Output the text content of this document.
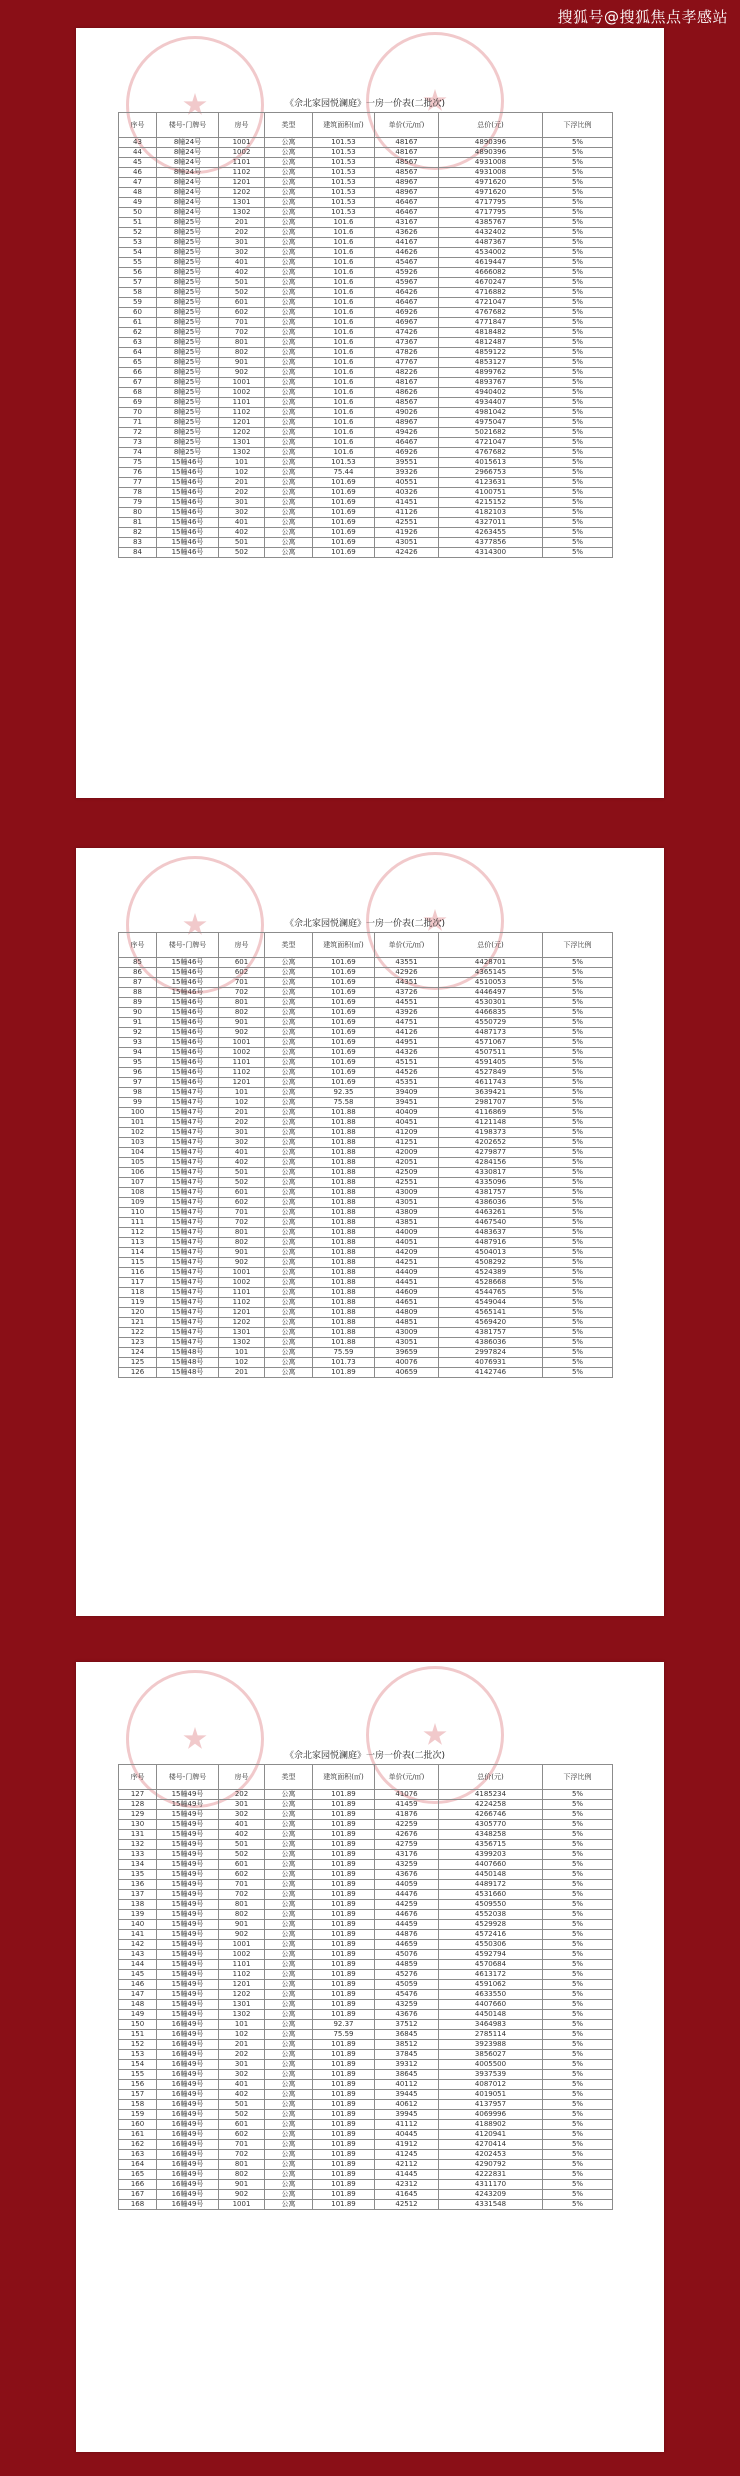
搜狐号@搜狐焦点孝感站
《佘北家园悦澜庭》一房一价表(二批次)
序号	楼号-门牌号	房号	类型	建筑面积(㎡)	单价(元/㎡)	总价(元)	下浮比例
43	8幢24号	1001	公寓	101.53	48167	4890396	5%
44	8幢24号	1002	公寓	101.53	48167	4890396	5%
45	8幢24号	1101	公寓	101.53	48567	4931008	5%
46	8幢24号	1102	公寓	101.53	48567	4931008	5%
47	8幢24号	1201	公寓	101.53	48967	4971620	5%
48	8幢24号	1202	公寓	101.53	48967	4971620	5%
49	8幢24号	1301	公寓	101.53	46467	4717795	5%
50	8幢24号	1302	公寓	101.53	46467	4717795	5%
51	8幢25号	201	公寓	101.6	43167	4385767	5%
52	8幢25号	202	公寓	101.6	43626	4432402	5%
53	8幢25号	301	公寓	101.6	44167	4487367	5%
54	8幢25号	302	公寓	101.6	44626	4534002	5%
55	8幢25号	401	公寓	101.6	45467	4619447	5%
56	8幢25号	402	公寓	101.6	45926	4666082	5%
57	8幢25号	501	公寓	101.6	45967	4670247	5%
58	8幢25号	502	公寓	101.6	46426	4716882	5%
59	8幢25号	601	公寓	101.6	46467	4721047	5%
60	8幢25号	602	公寓	101.6	46926	4767682	5%
61	8幢25号	701	公寓	101.6	46967	4771847	5%
62	8幢25号	702	公寓	101.6	47426	4818482	5%
63	8幢25号	801	公寓	101.6	47367	4812487	5%
64	8幢25号	802	公寓	101.6	47826	4859122	5%
65	8幢25号	901	公寓	101.6	47767	4853127	5%
66	8幢25号	902	公寓	101.6	48226	4899762	5%
67	8幢25号	1001	公寓	101.6	48167	4893767	5%
68	8幢25号	1002	公寓	101.6	48626	4940402	5%
69	8幢25号	1101	公寓	101.6	48567	4934407	5%
70	8幢25号	1102	公寓	101.6	49026	4981042	5%
71	8幢25号	1201	公寓	101.6	48967	4975047	5%
72	8幢25号	1202	公寓	101.6	49426	5021682	5%
73	8幢25号	1301	公寓	101.6	46467	4721047	5%
74	8幢25号	1302	公寓	101.6	46926	4767682	5%
75	15幢46号	101	公寓	101.53	39551	4015613	5%
76	15幢46号	102	公寓	75.44	39326	2966753	5%
77	15幢46号	201	公寓	101.69	40551	4123631	5%
78	15幢46号	202	公寓	101.69	40326	4100751	5%
79	15幢46号	301	公寓	101.69	41451	4215152	5%
80	15幢46号	302	公寓	101.69	41126	4182103	5%
81	15幢46号	401	公寓	101.69	42551	4327011	5%
82	15幢46号	402	公寓	101.69	41926	4263455	5%
83	15幢46号	501	公寓	101.69	43051	4377856	5%
84	15幢46号	502	公寓	101.69	42426	4314300	5%
《佘北家园悦澜庭》一房一价表(二批次)
序号	楼号-门牌号	房号	类型	建筑面积(㎡)	单价(元/㎡)	总价(元)	下浮比例
85	15幢46号	601	公寓	101.69	43551	4428701	5%
86	15幢46号	602	公寓	101.69	42926	4365145	5%
87	15幢46号	701	公寓	101.69	44351	4510053	5%
88	15幢46号	702	公寓	101.69	43726	4446497	5%
89	15幢46号	801	公寓	101.69	44551	4530301	5%
90	15幢46号	802	公寓	101.69	43926	4466835	5%
91	15幢46号	901	公寓	101.69	44751	4550729	5%
92	15幢46号	902	公寓	101.69	44126	4487173	5%
93	15幢46号	1001	公寓	101.69	44951	4571067	5%
94	15幢46号	1002	公寓	101.69	44326	4507511	5%
95	15幢46号	1101	公寓	101.69	45151	4591405	5%
96	15幢46号	1102	公寓	101.69	44526	4527849	5%
97	15幢46号	1201	公寓	101.69	45351	4611743	5%
98	15幢47号	101	公寓	92.35	39409	3639421	5%
99	15幢47号	102	公寓	75.58	39451	2981707	5%
100	15幢47号	201	公寓	101.88	40409	4116869	5%
101	15幢47号	202	公寓	101.88	40451	4121148	5%
102	15幢47号	301	公寓	101.88	41209	4198373	5%
103	15幢47号	302	公寓	101.88	41251	4202652	5%
104	15幢47号	401	公寓	101.88	42009	4279877	5%
105	15幢47号	402	公寓	101.88	42051	4284156	5%
106	15幢47号	501	公寓	101.88	42509	4330817	5%
107	15幢47号	502	公寓	101.88	42551	4335096	5%
108	15幢47号	601	公寓	101.88	43009	4381757	5%
109	15幢47号	602	公寓	101.88	43051	4386036	5%
110	15幢47号	701	公寓	101.88	43809	4463261	5%
111	15幢47号	702	公寓	101.88	43851	4467540	5%
112	15幢47号	801	公寓	101.88	44009	4483637	5%
113	15幢47号	802	公寓	101.88	44051	4487916	5%
114	15幢47号	901	公寓	101.88	44209	4504013	5%
115	15幢47号	902	公寓	101.88	44251	4508292	5%
116	15幢47号	1001	公寓	101.88	44409	4524389	5%
117	15幢47号	1002	公寓	101.88	44451	4528668	5%
118	15幢47号	1101	公寓	101.88	44609	4544765	5%
119	15幢47号	1102	公寓	101.88	44651	4549044	5%
120	15幢47号	1201	公寓	101.88	44809	4565141	5%
121	15幢47号	1202	公寓	101.88	44851	4569420	5%
122	15幢47号	1301	公寓	101.88	43009	4381757	5%
123	15幢47号	1302	公寓	101.88	43051	4386036	5%
124	15幢48号	101	公寓	75.59	39659	2997824	5%
125	15幢48号	102	公寓	101.73	40076	4076931	5%
126	15幢48号	201	公寓	101.89	40659	4142746	5%
《佘北家园悦澜庭》一房一价表(二批次)
序号	楼号-门牌号	房号	类型	建筑面积(㎡)	单价(元/㎡)	总价(元)	下浮比例
127	15幢49号	202	公寓	101.89	41076	4185234	5%
128	15幢49号	301	公寓	101.89	41459	4224258	5%
129	15幢49号	302	公寓	101.89	41876	4266746	5%
130	15幢49号	401	公寓	101.89	42259	4305770	5%
131	15幢49号	402	公寓	101.89	42676	4348258	5%
132	15幢49号	501	公寓	101.89	42759	4356715	5%
133	15幢49号	502	公寓	101.89	43176	4399203	5%
134	15幢49号	601	公寓	101.89	43259	4407660	5%
135	15幢49号	602	公寓	101.89	43676	4450148	5%
136	15幢49号	701	公寓	101.89	44059	4489172	5%
137	15幢49号	702	公寓	101.89	44476	4531660	5%
138	15幢49号	801	公寓	101.89	44259	4509550	5%
139	15幢49号	802	公寓	101.89	44676	4552038	5%
140	15幢49号	901	公寓	101.89	44459	4529928	5%
141	15幢49号	902	公寓	101.89	44876	4572416	5%
142	15幢49号	1001	公寓	101.89	44659	4550306	5%
143	15幢49号	1002	公寓	101.89	45076	4592794	5%
144	15幢49号	1101	公寓	101.89	44859	4570684	5%
145	15幢49号	1102	公寓	101.89	45276	4613172	5%
146	15幢49号	1201	公寓	101.89	45059	4591062	5%
147	15幢49号	1202	公寓	101.89	45476	4633550	5%
148	15幢49号	1301	公寓	101.89	43259	4407660	5%
149	15幢49号	1302	公寓	101.89	43676	4450148	5%
150	16幢49号	101	公寓	92.37	37512	3464983	5%
151	16幢49号	102	公寓	75.59	36845	2785114	5%
152	16幢49号	201	公寓	101.89	38512	3923988	5%
153	16幢49号	202	公寓	101.89	37845	3856027	5%
154	16幢49号	301	公寓	101.89	39312	4005500	5%
155	16幢49号	302	公寓	101.89	38645	3937539	5%
156	16幢49号	401	公寓	101.89	40112	4087012	5%
157	16幢49号	402	公寓	101.89	39445	4019051	5%
158	16幢49号	501	公寓	101.89	40612	4137957	5%
159	16幢49号	502	公寓	101.89	39945	4069996	5%
160	16幢49号	601	公寓	101.89	41112	4188902	5%
161	16幢49号	602	公寓	101.89	40445	4120941	5%
162	16幢49号	701	公寓	101.89	41912	4270414	5%
163	16幢49号	702	公寓	101.89	41245	4202453	5%
164	16幢49号	801	公寓	101.89	42112	4290792	5%
165	16幢49号	802	公寓	101.89	41445	4222831	5%
166	16幢49号	901	公寓	101.89	42312	4311170	5%
167	16幢49号	902	公寓	101.89	41645	4243209	5%
168	16幢49号	1001	公寓	101.89	42512	4331548	5%
